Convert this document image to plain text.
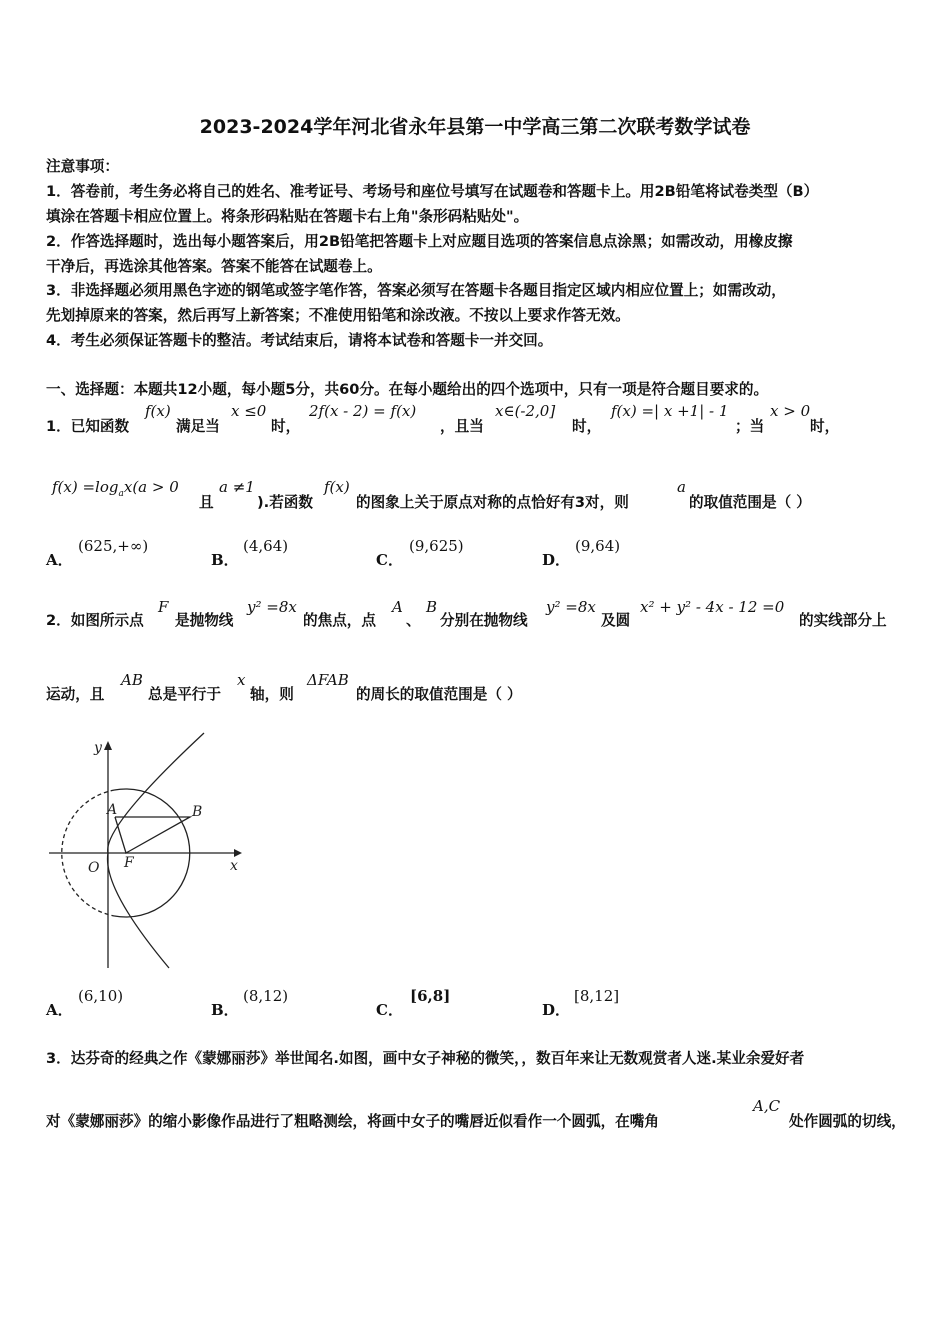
2023-2024学年河北省永年县第一中学高三第二次联考数学试卷
注意事项：
1．答卷前，考生务必将自己的姓名、准考证号、考场号和座位号填写在试题卷和答题卡上。用2B铅笔将试卷类型（B）
填涂在答题卡相应位置上。将条形码粘贴在答题卡右上角"条形码粘贴处"。
2．作答选择题时，选出每小题答案后，用2B铅笔把答题卡上对应题目选项的答案信息点涂黑；如需改动，用橡皮擦
干净后，再选涂其他答案。答案不能答在试题卷上。
3．非选择题必须用黑色字迹的钢笔或签字笔作答，答案必须写在答题卡各题目指定区域内相应位置上；如需改动，
先划掉原来的答案，然后再写上新答案；不准使用铅笔和涂改液。不按以上要求作答无效。
4．考生必须保证答题卡的整洁。考试结束后，请将本试卷和答题卡一并交回。
一、选择题：本题共12小题，每小题5分，共60分。在每小题给出的四个选项中，只有一项是符合题目要求的。
1．已知函数
f(x)
满足当
x ≤0
时，
2f(x - 2) = f(x)
，且当
x∈(-2,0]
时，
f(x) =| x +1| - 1
；当
x > 0
时，
$f(x) =\log_ax(a > 0$
且
a ≠1
).若函数
f(x)
的图象上关于原点对称的点恰好有3对，则
a
的取值范围是（ ）
A．
(625,+∞)
B．
(4,64)
C．
(9,625)
D．
(9,64)
2．如图所示点
F
是抛物线
y² =8x
的焦点，点
A
、
B
分别在抛物线
y² =8x
及圆
x² + y² - 4x - 12 =0
的实线部分上
运动，且
AB
总是平行于
x
轴，则
ΔFAB
的周长的取值范围是（ ）
y
x
A	B
O F
A．
(6,10)
B．
(8,12)
C．
[6,8]
D．
[8,12]
3．达芬奇的经典之作《蒙娜丽莎》举世闻名.如图，画中女子神秘的微笑，，数百年来让无数观赏者人迷.某业余爱好者
对《蒙娜丽莎》的缩小影像作品进行了粗略测绘，将画中女子的嘴唇近似看作一个圆弧，在嘴角
A,C
处作圆弧的切线，
